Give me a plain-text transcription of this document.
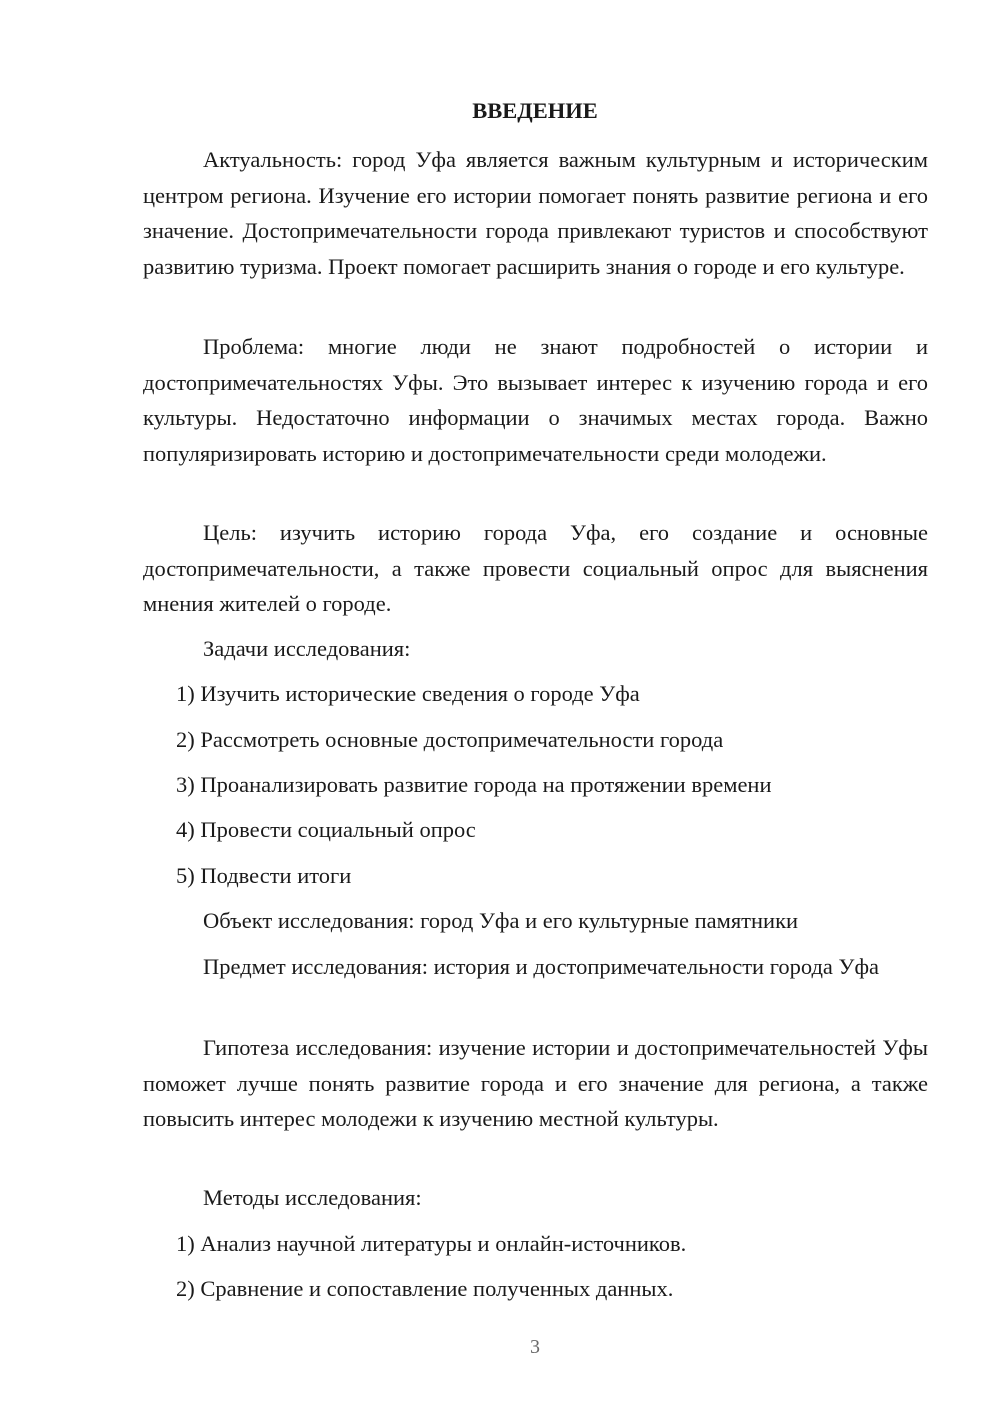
ВВЕДЕНИЕ

Актуальность: город Уфа является важным культурным и историческим центром региона. Изучение его истории помогает понять развитие региона и его значение. Достопримечательности города привлекают туристов и способствуют развитию туризма. Проект помогает расширить знания о городе и его культуре.

Проблема: многие люди не знают подробностей о истории и достопримечательностях Уфы. Это вызывает интерес к изучению города и его культуры. Недостаточно информации о значимых местах города. Важно популяризировать историю и достопримечательности среди молодежи.

Цель: изучить историю города Уфа, его создание и основные достопримечательности, а также провести социальный опрос для выяснения мнения жителей о городе.

Задачи исследования:

1) Изучить исторические сведения о городе Уфа

2) Рассмотреть основные достопримечательности города

3) Проанализировать развитие города на протяжении времени

4) Провести социальный опрос

5) Подвести итоги

Объект исследования: город Уфа и его культурные памятники

Предмет исследования: история и достопримечательности города Уфа

Гипотеза исследования: изучение истории и достопримечательностей Уфы поможет лучше понять развитие города и его значение для региона, а также повысить интерес молодежи к изучению местной культуры.

Методы исследования:

1) Анализ научной литературы и онлайн-источников.

2) Сравнение и сопоставление полученных данных.

3
